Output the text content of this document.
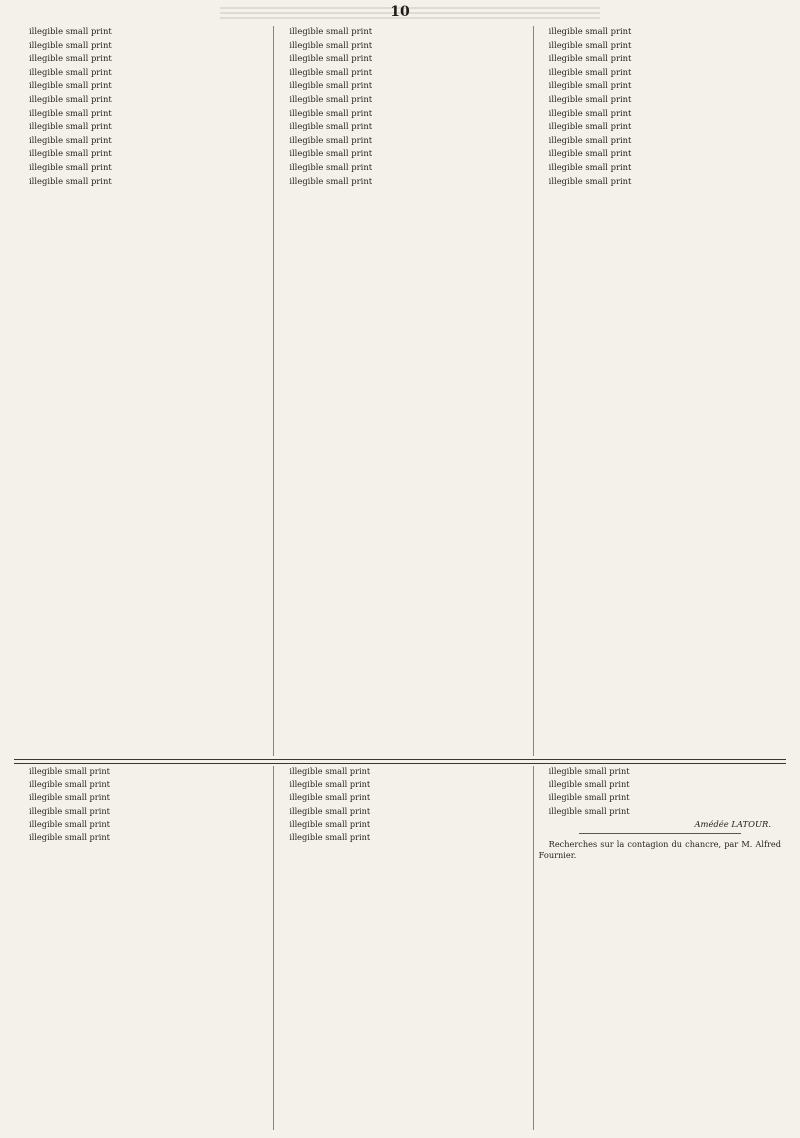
10

illegible small print

illegible small print

illegible small print

illegible small print

illegible small print

illegible small print

illegible small print

illegible small print

illegible small print

illegible small print

illegible small print

illegible small print

illegible small print

illegible small print

illegible small print

illegible small print

illegible small print

illegible small print

illegible small print

illegible small print

illegible small print

illegible small print

illegible small print

illegible small print

illegible small print

illegible small print

illegible small print

illegible small print

illegible small print

illegible small print

illegible small print

illegible small print

illegible small print

illegible small print

illegible small print

illegible small print

illegible small print

illegible small print

illegible small print

illegible small print

illegible small print

illegible small print

illegible small print

illegible small print

illegible small print

illegible small print

illegible small print

illegible small print

illegible small print

illegible small print

illegible small print

illegible small print

Amédée LATOUR.

Recherches sur la contagion du chancre, par M. Alfred Fournier.
